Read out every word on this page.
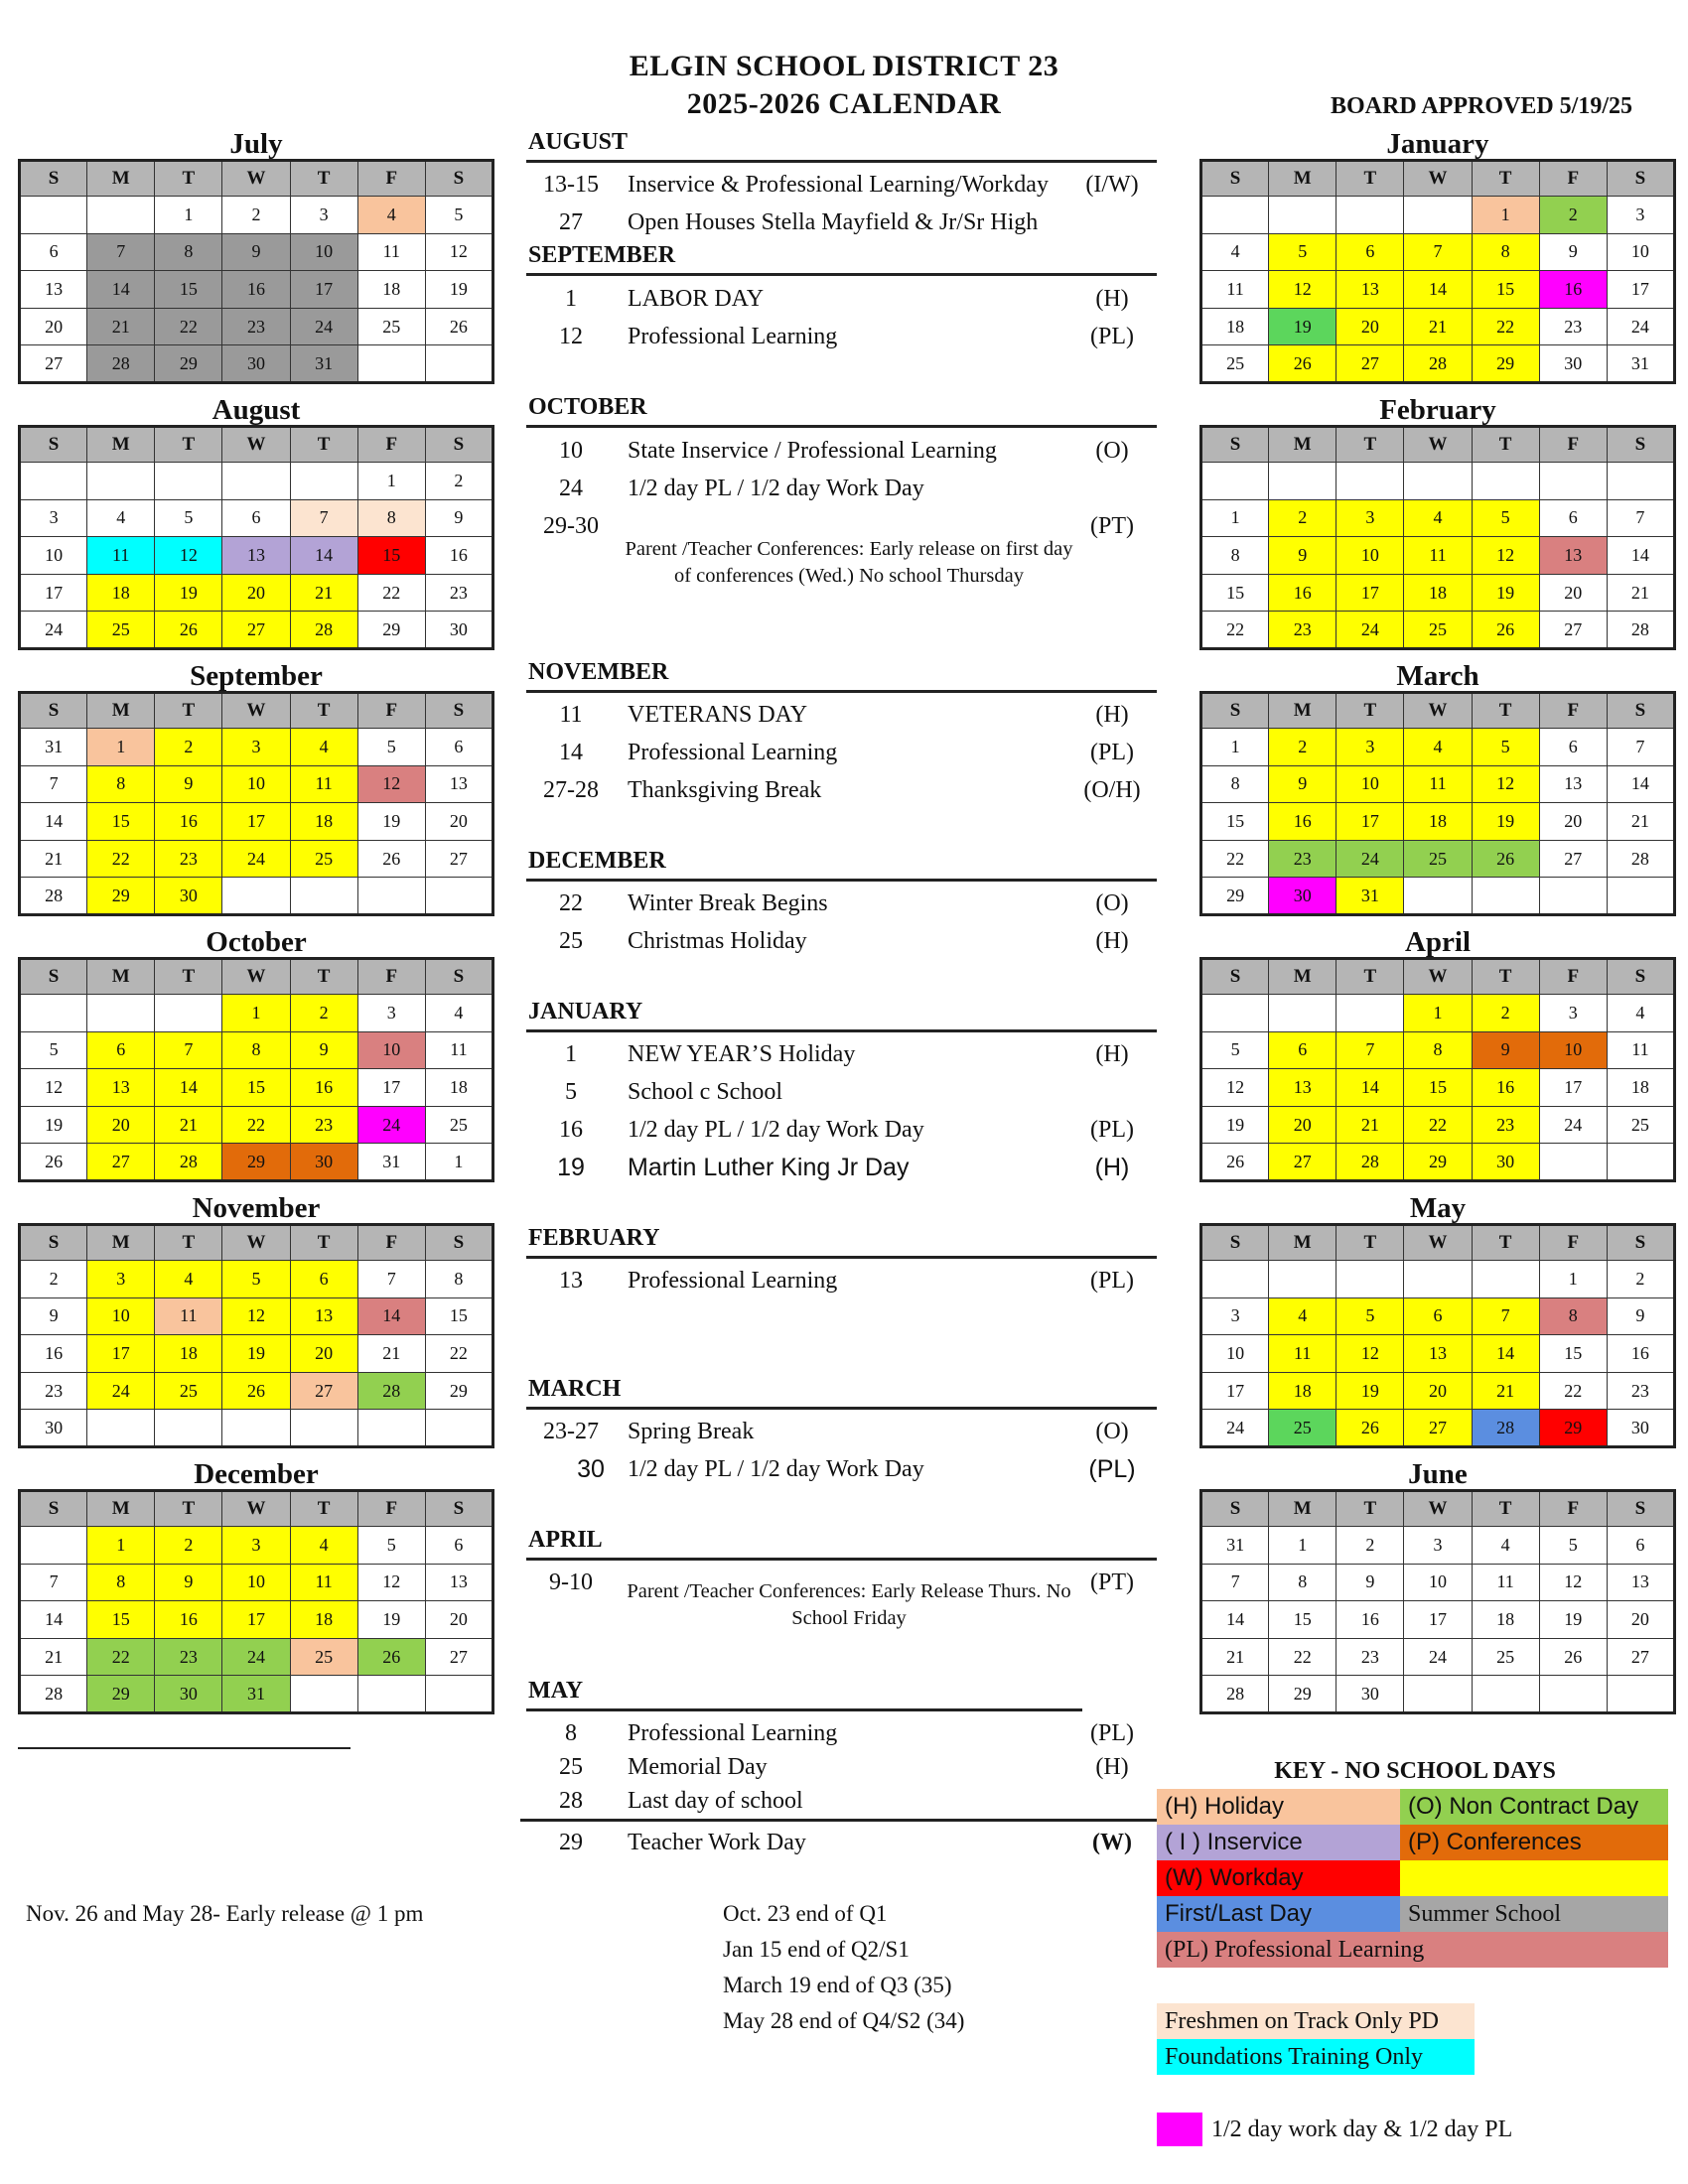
ELGIN SCHOOL DISTRICT 23
2025-2026 CALENDAR	BOARD APPROVED 5/19/25
July
S	M	T	W	T	F	S
		1	2	3	4	5
6	7	8	9	10	11	12
13	14	15	16	17	18	19
20	21	22	23	24	25	26
27	28	29	30	31		
August
S	M	T	W	T	F	S
					1	2
3	4	5	6	7	8	9
10	11	12	13	14	15	16
17	18	19	20	21	22	23
24	25	26	27	28	29	30
September
S	M	T	W	T	F	S
31	1	2	3	4	5	6
7	8	9	10	11	12	13
14	15	16	17	18	19	20
21	22	23	24	25	26	27
28	29	30				
October
S	M	T	W	T	F	S
			1	2	3	4
5	6	7	8	9	10	11
12	13	14	15	16	17	18
19	20	21	22	23	24	25
26	27	28	29	30	31	1
November
S	M	T	W	T	F	S
2	3	4	5	6	7	8
9	10	11	12	13	14	15
16	17	18	19	20	21	22
23	24	25	26	27	28	29
30						
December
S	M	T	W	T	F	S
	1	2	3	4	5	6
7	8	9	10	11	12	13
14	15	16	17	18	19	20
21	22	23	24	25	26	27
28	29	30	31			
January
S	M	T	W	T	F	S
				1	2	3
4	5	6	7	8	9	10
11	12	13	14	15	16	17
18	19	20	21	22	23	24
25	26	27	28	29	30	31
February
S	M	T	W	T	F	S

1	2	3	4	5	6	7
8	9	10	11	12	13	14
15	16	17	18	19	20	21
22	23	24	25	26	27	28
March
S	M	T	W	T	F	S
1	2	3	4	5	6	7
8	9	10	11	12	13	14
15	16	17	18	19	20	21
22	23	24	25	26	27	28
29	30	31				
April
S	M	T	W	T	F	S
			1	2	3	4
5	6	7	8	9	10	11
12	13	14	15	16	17	18
19	20	21	22	23	24	25
26	27	28	29	30		
May
S	M	T	W	T	F	S
					1	2
3	4	5	6	7	8	9
10	11	12	13	14	15	16
17	18	19	20	21	22	23
24	25	26	27	28	29	30
June
S	M	T	W	T	F	S
31	1	2	3	4	5	6
7	8	9	10	11	12	13
14	15	16	17	18	19	20
21	22	23	24	25	26	27
28	29	30				
AUGUST
13-15	Inservice & Professional Learning/Workday	(I/W)
27	Open Houses Stella Mayfield & Jr/Sr High
SEPTEMBER
1	LABOR DAY	(H)
12	Professional Learning	(PL)
OCTOBER
10	State Inservice / Professional Learning	(O)
24	1/2 day PL / 1/2 day Work Day
29-30	(PT)
Parent /Teacher Conferences: Early release on first day of conferences (Wed.) No school Thursday
NOVEMBER
11	VETERANS DAY	(H)
14	Professional Learning	(PL)
27-28	Thanksgiving Break	(O/H)
DECEMBER
22	Winter Break Begins	(O)
25	Christmas Holiday	(H)
JANUARY
1	NEW YEAR’S Holiday	(H)
5	School c School
16	1/2 day PL / 1/2 day Work Day	(PL)
19	Martin Luther King Jr Day	(H)
FEBRUARY
13	Professional Learning	(PL)
MARCH
23-27	Spring Break	(O)
30 1/2 day PL / 1/2 day Work Day	(PL)
APRIL
9-10	(PT)
Parent /Teacher Conferences: Early Release Thurs. No School Friday
MAY
8	Professional Learning	(PL)
25	Memorial Day	(H)
28	Last day of school
29	Teacher Work Day	(W)
Nov. 26 and May 28- Early release @ 1 pm	Oct. 23 end of Q1
Jan 15 end of Q2/S1
March 19 end of Q3 (35)
May 28 end of Q4/S2 (34)
KEY - NO SCHOOL DAYS
(H) Holiday	(O) Non Contract Day
( I ) Inservice	(P) Conferences
(W) Workday
First/Last Day	Summer School
(PL) Professional Learning
Freshmen on Track Only PD
Foundations Training Only
1/2 day work day & 1/2 day PL
